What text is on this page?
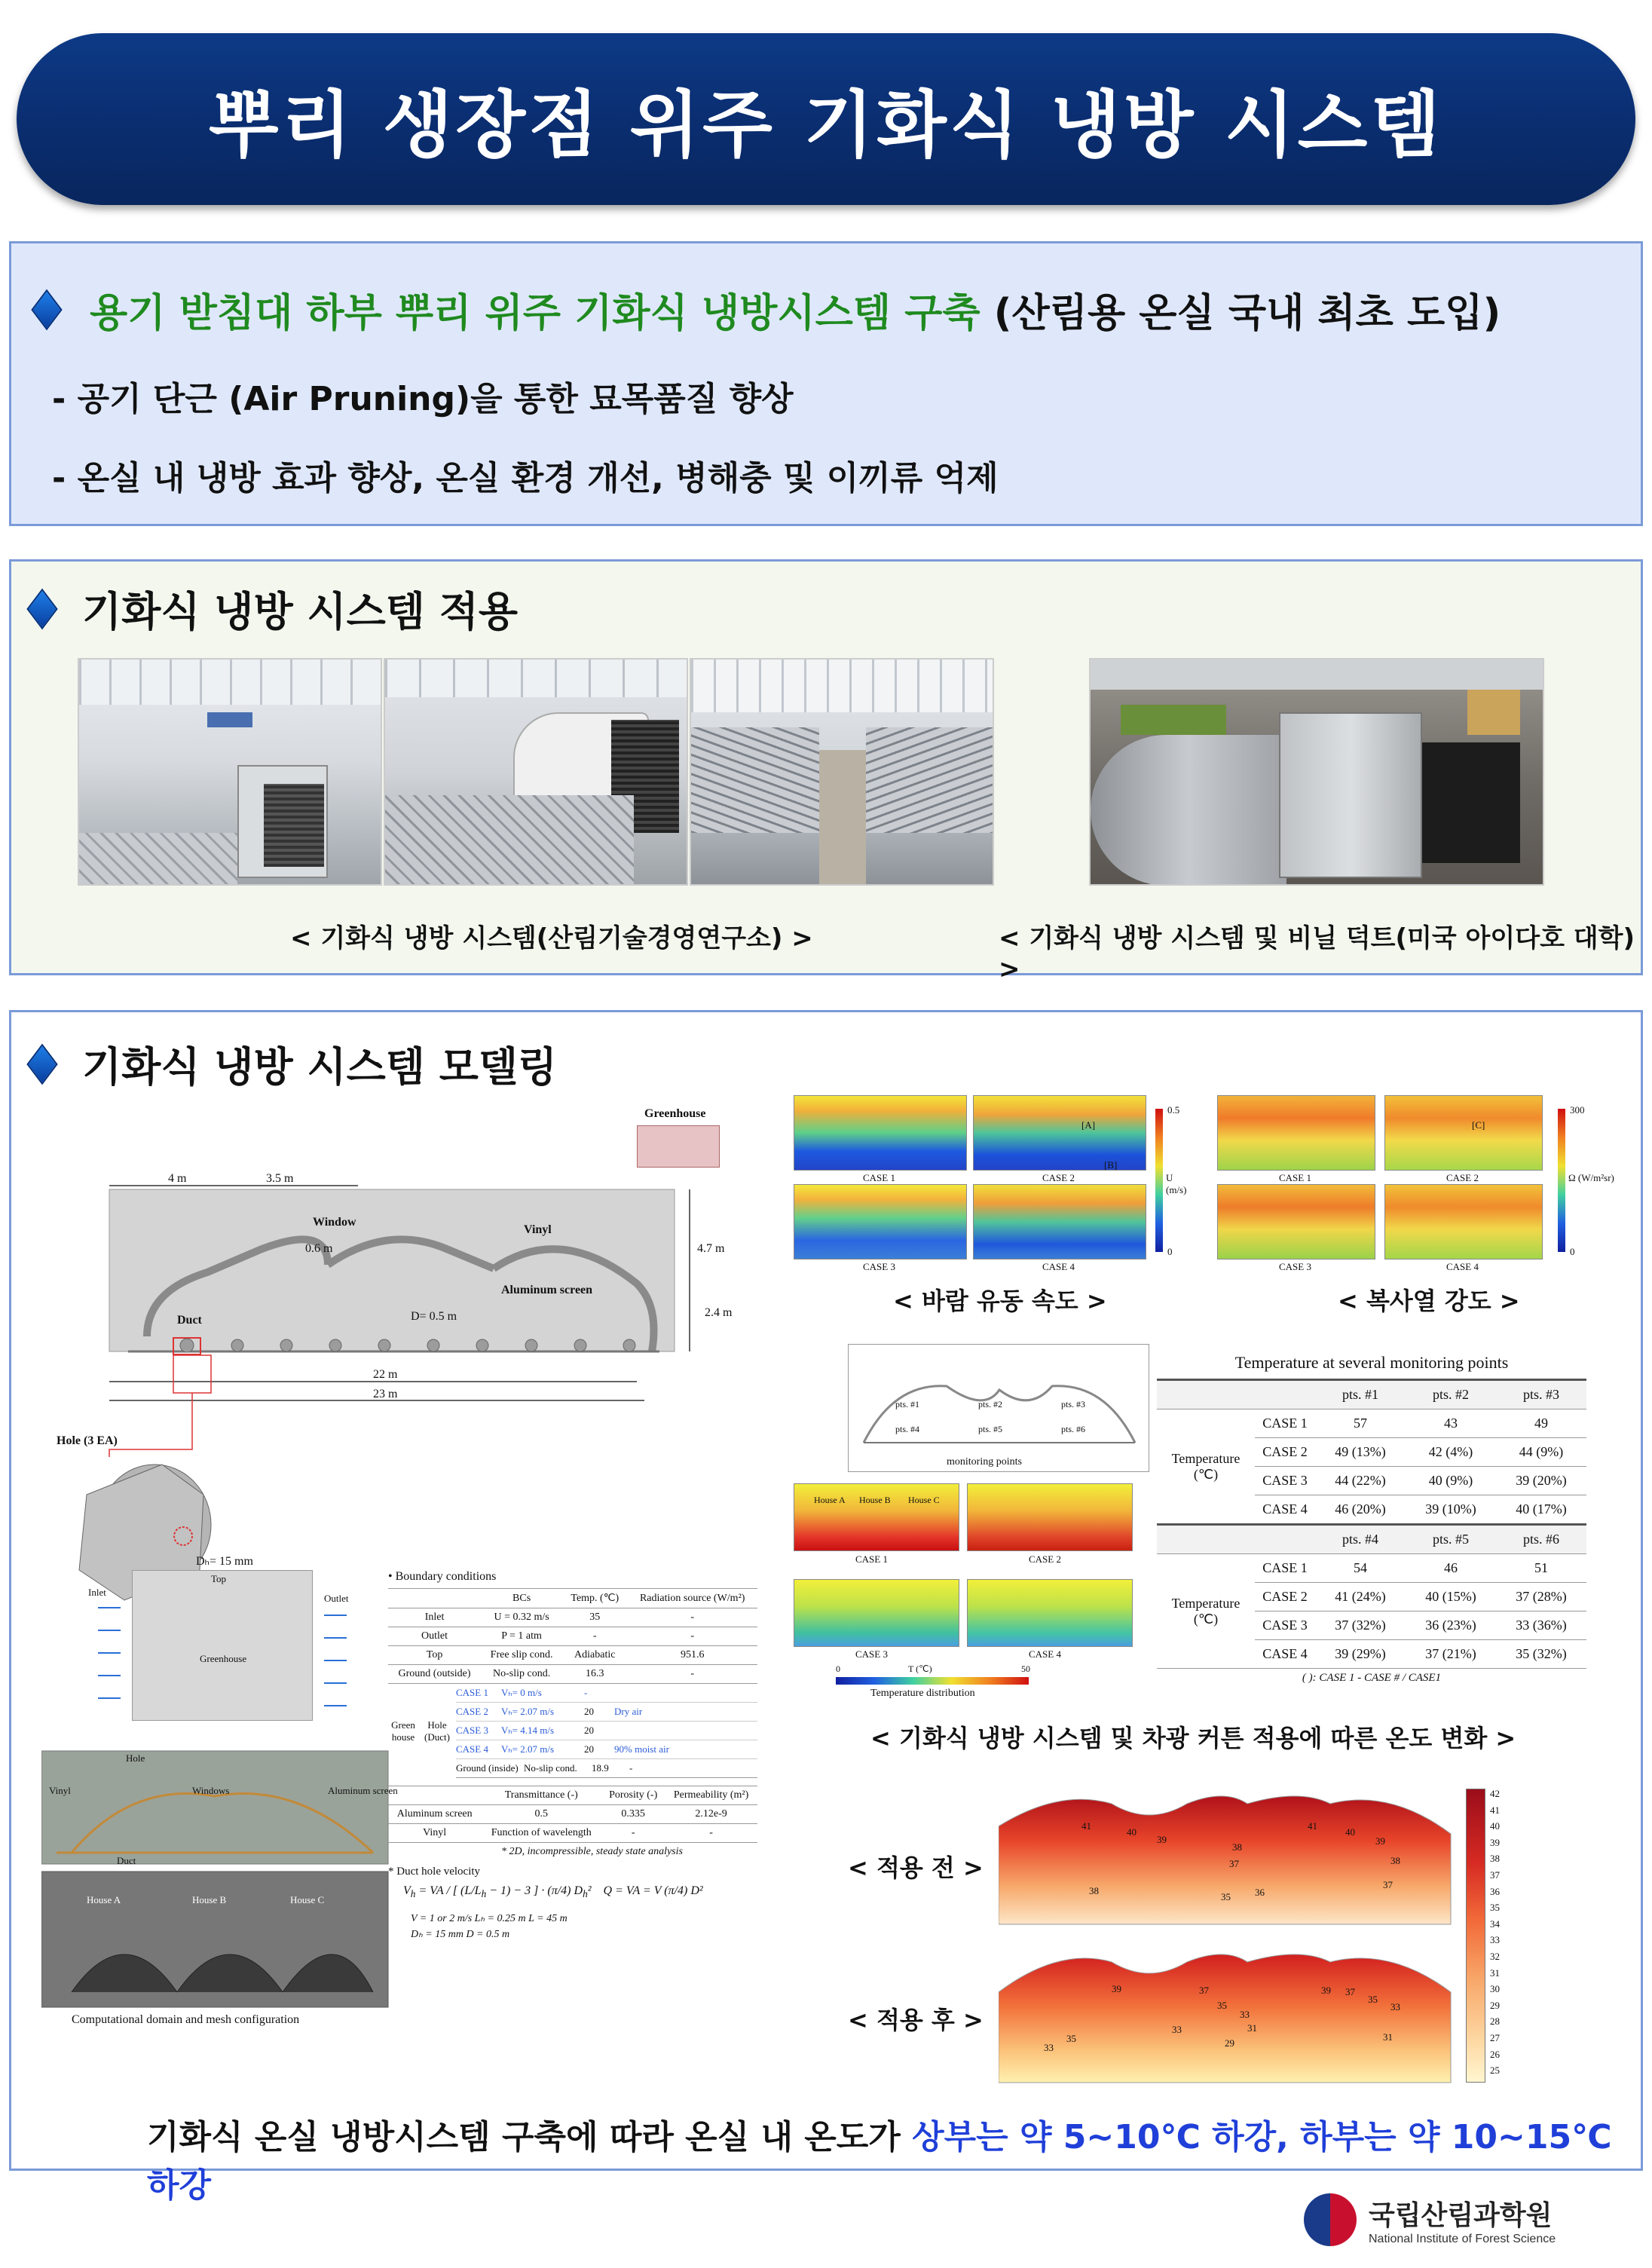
뿌리 생장점 위주 기화식 냉방 시스템
용기 받침대 하부 뿌리 위주 기화식 냉방시스템 구축 (산림용 온실 국내 최초 도입)
- 공기 단근 (Air Pruning)을 통한 묘목품질 향상
- 온실 내 냉방 효과 향상, 온실 환경 개선, 병해충 및 이끼류 억제
기화식 냉방 시스템 적용
< 기화식 냉방 시스템(산림기술경영연구소) >	< 기화식 냉방 시스템 및 비닐 덕트(미국 아이다호 대학) >
기화식 냉방 시스템 모델링
Greenhouse
4 m	3.5 m
Window
0.6 m
Vinyl
Aluminum screen
Duct	D= 0.5 m
4.7 m
2.4 m
22 m
23 m
Hole (3 EA)
Dₕ= 15 mm
CASE 1	CASE 2
CASE 3	CASE 4
[A]
[B]
0.5
0
U (m/s)
< 바람 유동 속도 >
CASE 1	CASE 2
CASE 3	CASE 4
[C]
300
0
Ω (W/m²sr)
< 복사열 강도 >
Top
Inlet
Outlet
Greenhouse
Hole
Vinyl	Windows	Aluminum screen
Duct
House A	House B	House C
Computational domain and mesh configuration
• Boundary conditions
	BCs	Temp. (℃)	Radiation source (W/m²)
Inlet	U = 0.32 m/s	35	-
Outlet	P = 1 atm	-	-
Top	Free slip cond.	Adiabatic	951.6
Ground (outside)	No-slip cond.	16.3	-
Green house
Hole (Duct)
CASE 1	Vₕ= 0 m/s	-
CASE 2	Vₕ= 2.07 m/s	20	Dry air
CASE 3	Vₕ= 4.14 m/s	20
CASE 4	Vₕ= 2.07 m/s	20	90% moist air
Ground (inside) No-slip cond.	18.9	-
	Transmittance (-)	Porosity (-)	Permeability (m²)
Aluminum screen	0.5	0.335	2.12e-9
Vinyl	Function of wavelength	-	-
* 2D, incompressible, steady state analysis
* Duct hole velocity
$V_h$ = VA / [ $(L/L_h - 1) - 3$ ] · (π/4) $D_h^2$    Q = VA = V (π/4) D²
V = 1 or 2 m/s Lₕ = 0.25 m L = 45 m
Dₕ = 15 mm D = 0.5 m
pts. #1	pts. #2	pts. #3
pts. #4	pts. #5	pts. #6
monitoring points
House A House B House C
CASE 1	CASE 2
CASE 3	CASE 4
0	T (℃)	50
Temperature distribution
Temperature at several monitoring points
		pts. #1	pts. #2	pts. #3
Temperature
(℃)	CASE 1	57	43	49
	CASE 2	49 (13%)	42 (4%)	44 (9%)
	CASE 3	44 (22%)	40 (9%)	39 (20%)
	CASE 4	46 (20%)	39 (10%)	40 (17%)
		pts. #4	pts. #5	pts. #6
Temperature
(℃)	CASE 1	54	46	51
	CASE 2	41 (24%)	40 (15%)	37 (28%)
	CASE 3	37 (32%)	36 (23%)	33 (36%)
	CASE 4	39 (29%)	37 (21%)	35 (32%)
( ): CASE 1 - CASE # / CASE1
< 기화식 냉방 시스템 및 차광 커튼 적용에 따른 온도 변화 >
< 적용 전 >
< 적용 후 >
41
40
39
38
37
35 36
38
41
40
39
38
37
39	37
35
33
35
33
31
29
39 37
35
33
31
33
42
41
40
39
38
37
36
35
34
33
32
31
30
29
28
27
26
25
기화식 온실 냉방시스템 구축에 따라 온실 내 온도가 상부는 약 5~10℃ 하강, 하부는 약 10~15℃ 하강
국립산림과학원
National Institute of Forest Science
